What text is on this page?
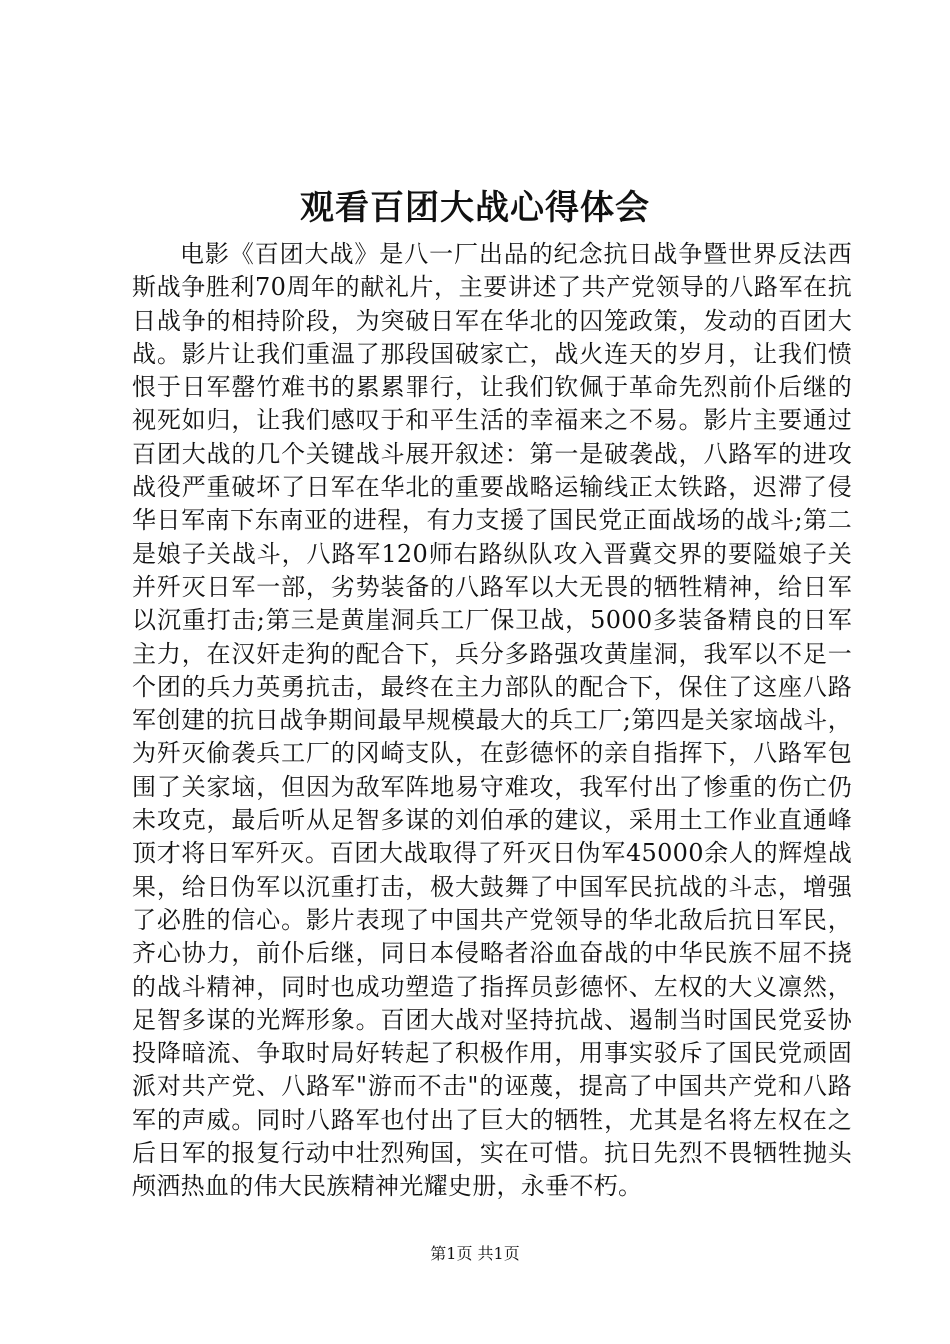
观看百团大战心得体会

电影《百团大战》是八一厂出品的纪念抗日战争暨世界反法西斯战争胜利70周年的献礼片，主要讲述了共产党领导的八路军在抗日战争的相持阶段，为突破日军在华北的囚笼政策，发动的百团大战。影片让我们重温了那段国破家亡，战火连天的岁月，让我们愤恨于日军罄竹难书的累累罪行，让我们钦佩于革命先烈前仆后继的视死如归，让我们感叹于和平生活的幸福来之不易。影片主要通过百团大战的几个关键战斗展开叙述：第一是破袭战，八路军的进攻战役严重破坏了日军在华北的重要战略运输线正太铁路，迟滞了侵华日军南下东南亚的进程，有力支援了国民党正面战场的战斗;第二是娘子关战斗，八路军120师右路纵队攻入晋冀交界的要隘娘子关并歼灭日军一部，劣势装备的八路军以大无畏的牺牲精神，给日军以沉重打击;第三是黄崖洞兵工厂保卫战，5000多装备精良的日军主力，在汉奸走狗的配合下，兵分多路强攻黄崖洞，我军以不足一个团的兵力英勇抗击，最终在主力部队的配合下，保住了这座八路军创建的抗日战争期间最早规模最大的兵工厂;第四是关家垴战斗，为歼灭偷袭兵工厂的冈崎支队，在彭德怀的亲自指挥下，八路军包围了关家垴，但因为敌军阵地易守难攻，我军付出了惨重的伤亡仍未攻克，最后听从足智多谋的刘伯承的建议，采用土工作业直通峰顶才将日军歼灭。百团大战取得了歼灭日伪军45000余人的辉煌战果，给日伪军以沉重打击，极大鼓舞了中国军民抗战的斗志，增强了必胜的信心。影片表现了中国共产党领导的华北敌后抗日军民，齐心协力，前仆后继，同日本侵略者浴血奋战的中华民族不屈不挠的战斗精神，同时也成功塑造了指挥员彭德怀、左权的大义凛然，足智多谋的光辉形象。百团大战对坚持抗战、遏制当时国民党妥协投降暗流、争取时局好转起了积极作用，用事实驳斥了国民党顽固派对共产党、八路军"游而不击"的诬蔑，提高了中国共产党和八路军的声威。同时八路军也付出了巨大的牺牲，尤其是名将左权在之后日军的报复行动中壮烈殉国，实在可惜。抗日先烈不畏牺牲抛头颅洒热血的伟大民族精神光耀史册，永垂不朽。

第1页 共1页
